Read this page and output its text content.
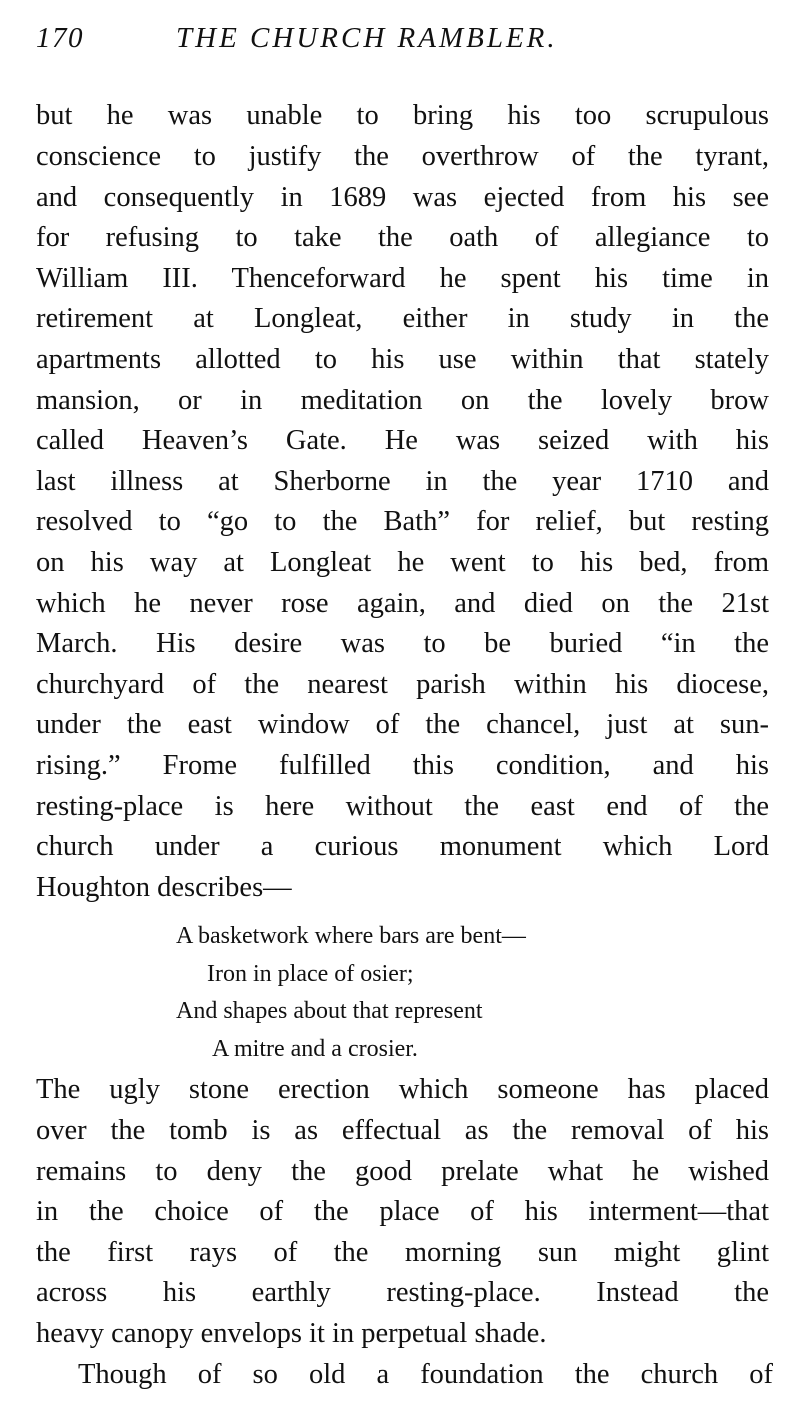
170	THE CHURCH RAMBLER.
but he was unable to bring his too scrupulous
conscience to justify the overthrow of the tyrant,
and consequently in 1689 was ejected from his see
for refusing to take the oath of allegiance to
William III. Thenceforward he spent his time in
retirement at Longleat, either in study in the
apartments allotted to his use within that stately
mansion, or in meditation on the lovely brow
called Heaven’s Gate. He was seized with his
last illness at Sherborne in the year 1710 and
resolved to “go to the Bath” for relief, but resting
on his way at Longleat he went to his bed, from
which he never rose again, and died on the 21st
March. His desire was to be buried “in the
churchyard of the nearest parish within his diocese,
under the east window of the chancel, just at sun-
rising.” Frome fulfilled this condition, and his
resting-place is here without the east end of the
church under a curious monument which Lord
Houghton describes—
A basketwork where bars are bent—
Iron in place of osier;
And shapes about that represent
A mitre and a crosier.
The ugly stone erection which someone has placed
over the tomb is as effectual as the removal of his
remains to deny the good prelate what he wished
in the choice of the place of his interment—that
the first rays of the morning sun might glint
across his earthly resting-place. Instead the
heavy canopy envelops it in perpetual shade.
Though of so old a foundation the church of
